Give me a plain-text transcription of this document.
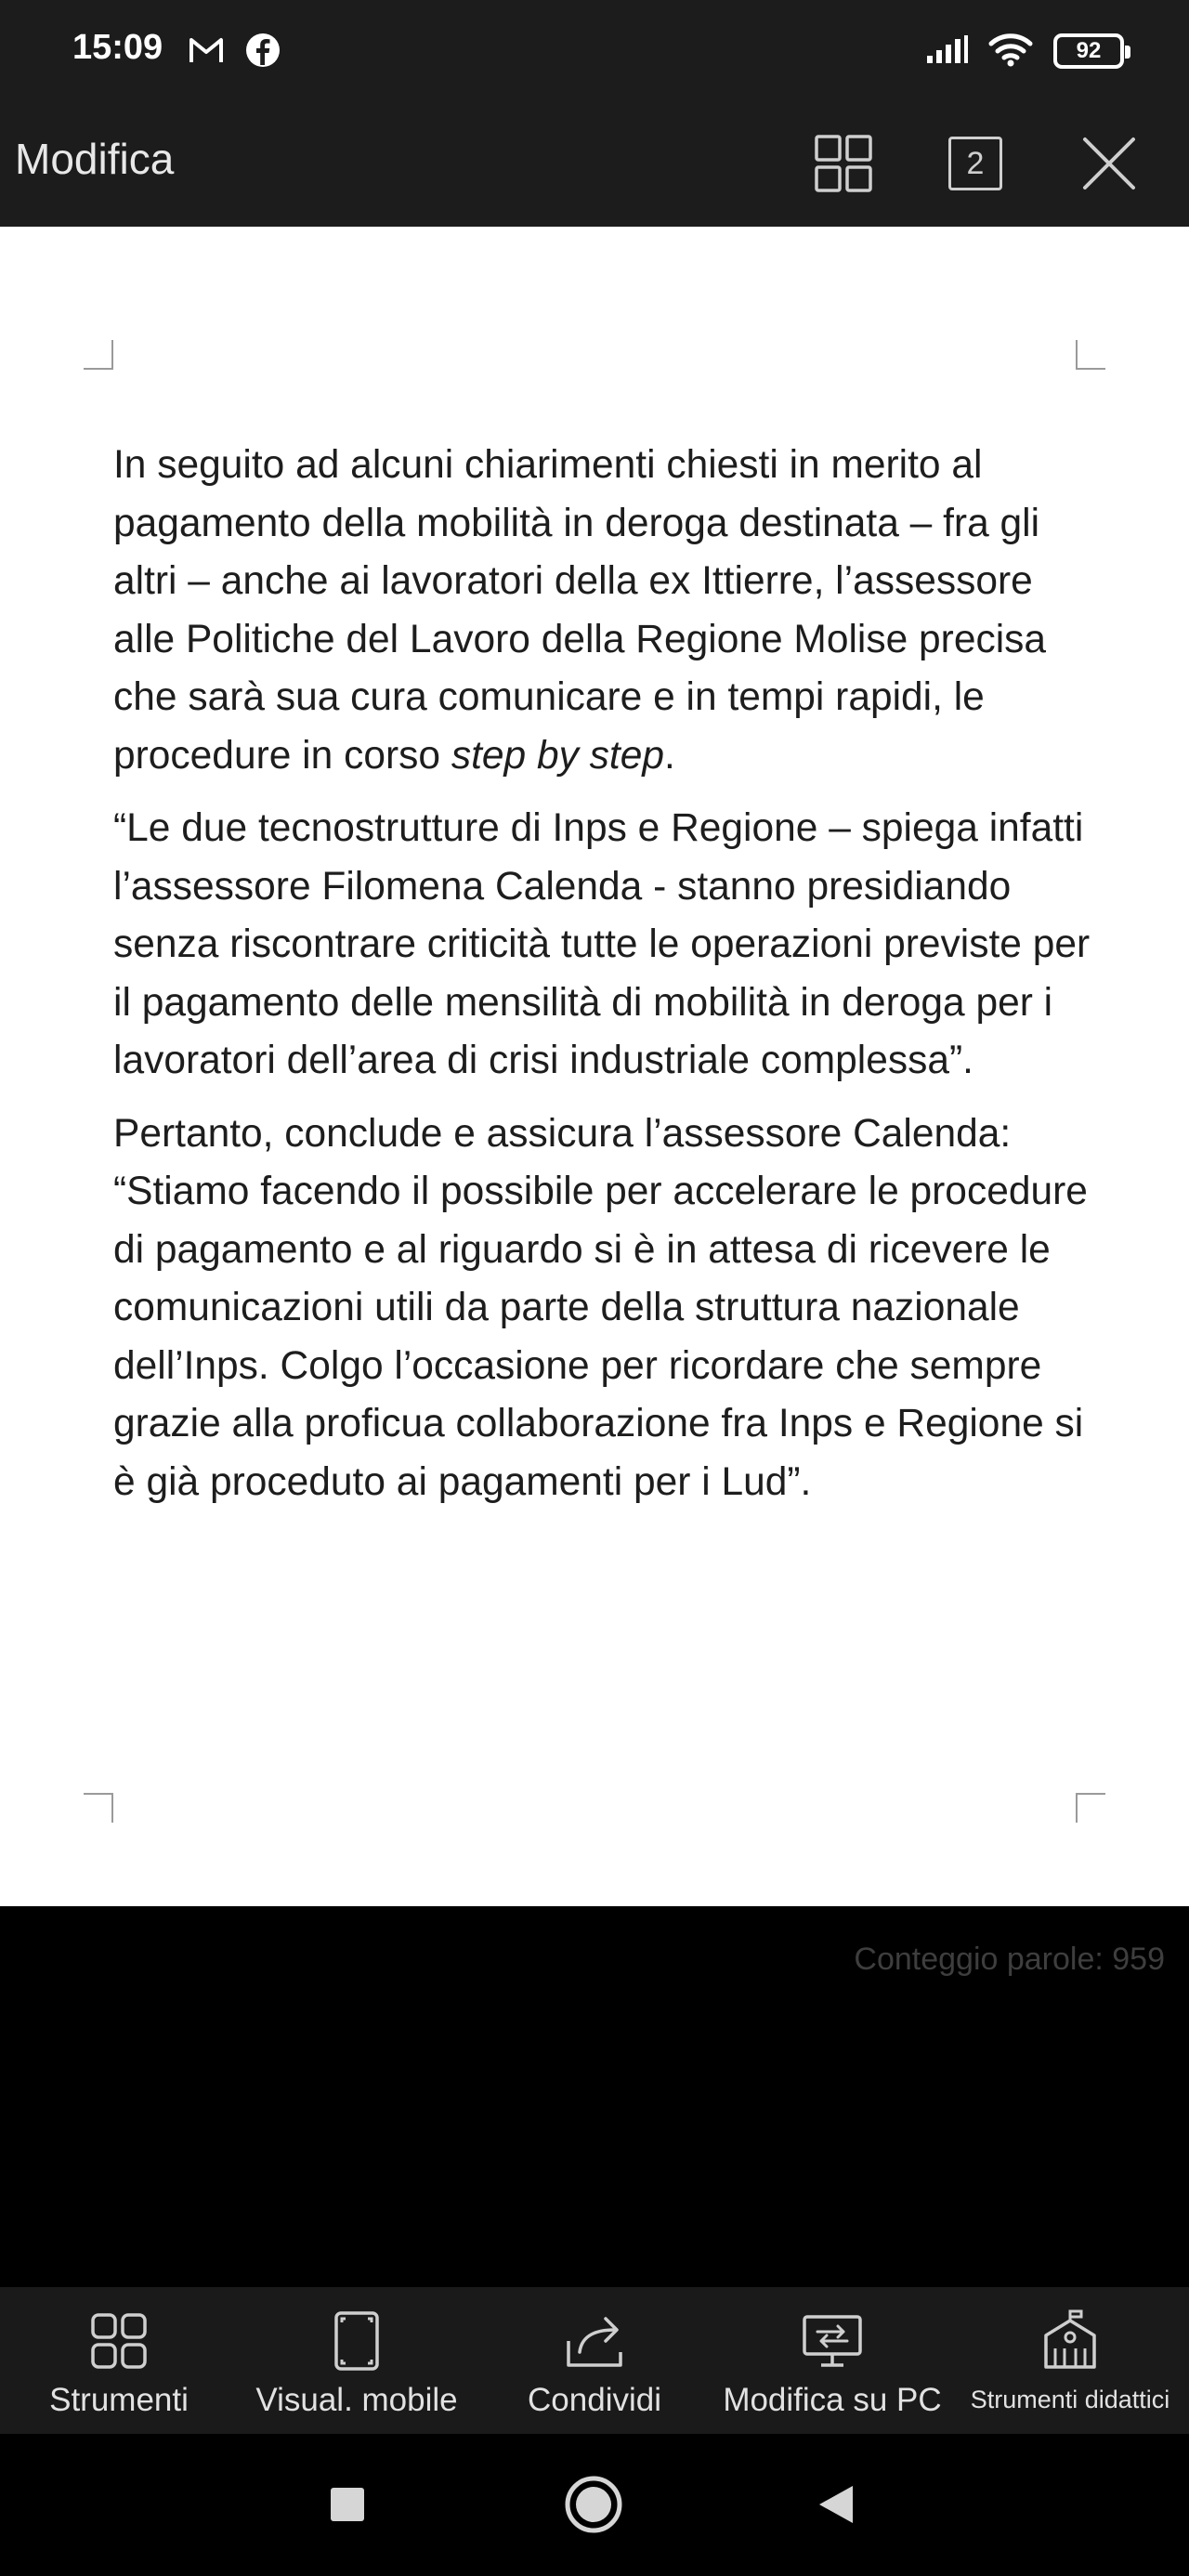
15:09	92
Modifica	2

In seguito ad alcuni chiarimenti chiesti in merito al pagamento della mobilità in deroga destinata – fra gli altri – anche ai lavoratori della ex Ittierre, l’assessore alle Politiche del Lavoro della Regione Molise precisa che sarà sua cura comunicare e in tempi rapidi, le procedure in corso step by step.

“Le due tecnostrutture di Inps e Regione – spiega infatti l’assessore Filomena Calenda - stanno presidiando senza riscontrare criticità tutte le operazioni previste per il pagamento delle mensilità di mobilità in deroga per i lavoratori dell’area di crisi industriale complessa”.

Pertanto, conclude e assicura l’assessore Calenda: “Stiamo facendo il possibile per accelerare le procedure di pagamento e al riguardo si è in attesa di ricevere le comunicazioni utili da parte della struttura nazionale dell’Inps. Colgo l’occasione per ricordare che sempre grazie alla proficua collaborazione fra Inps e Regione si è già proceduto ai pagamenti per i Lud”.

Conteggio parole: 959
Strumenti Visual. mobile Condividi Modifica su PC Strumenti didattici
